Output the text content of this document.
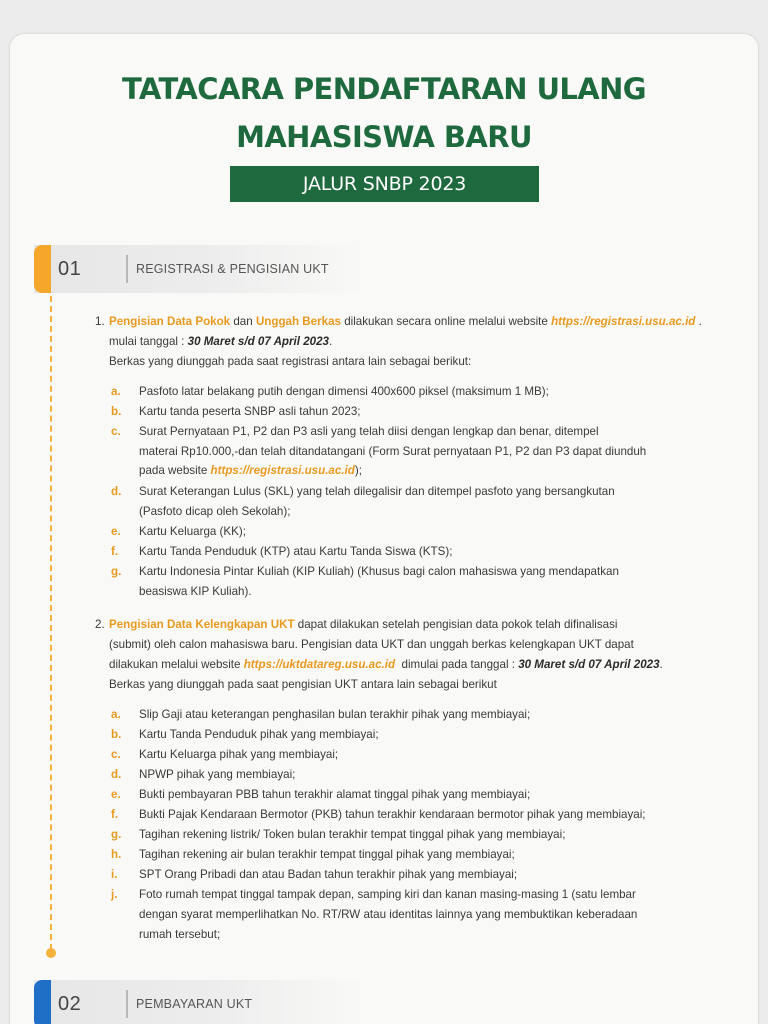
TATACARA PENDAFTARAN ULANG
MAHASISWA BARU
JALUR SNBP 2023
01	REGISTRASI & PENGISIAN UKT
1. Pengisian Data Pokok dan Unggah Berkas dilakukan secara online melalui website https://registrasi.usu.ac.id .
mulai tanggal : 30 Maret s/d 07 April 2023.
Berkas yang diunggah pada saat registrasi antara lain sebagai berikut:
a. Pasfoto latar belakang putih dengan dimensi 400x600 piksel (maksimum 1 MB);
b. Kartu tanda peserta SNBP asli tahun 2023;
c. Surat Pernyataan P1, P2 dan P3 asli yang telah diisi dengan lengkap dan benar, ditempel
materai Rp10.000,-dan telah ditandatangani (Form Surat pernyataan P1, P2 dan P3 dapat diunduh
pada website https://registrasi.usu.ac.id);
d. Surat Keterangan Lulus (SKL) yang telah dilegalisir dan ditempel pasfoto yang bersangkutan
(Pasfoto dicap oleh Sekolah);
e. Kartu Keluarga (KK);
f. Kartu Tanda Penduduk (KTP) atau Kartu Tanda Siswa (KTS);
g. Kartu Indonesia Pintar Kuliah (KIP Kuliah) (Khusus bagi calon mahasiswa yang mendapatkan
beasiswa KIP Kuliah).
2. Pengisian Data Kelengkapan UKT dapat dilakukan setelah pengisian data pokok telah difinalisasi
(submit) oleh calon mahasiswa baru. Pengisian data UKT dan unggah berkas kelengkapan UKT dapat
dilakukan melalui website https://uktdatareg.usu.ac.id  dimulai pada tanggal : 30 Maret s/d 07 April 2023.
Berkas yang diunggah pada saat pengisian UKT antara lain sebagai berikut
a. Slip Gaji atau keterangan penghasilan bulan terakhir pihak yang membiayai;
b. Kartu Tanda Penduduk pihak yang membiayai;
c. Kartu Keluarga pihak yang membiayai;
d. NPWP pihak yang membiayai;
e. Bukti pembayaran PBB tahun terakhir alamat tinggal pihak yang membiayai;
f. Bukti Pajak Kendaraan Bermotor (PKB) tahun terakhir kendaraan bermotor pihak yang membiayai;
g. Tagihan rekening listrik/ Token bulan terakhir tempat tinggal pihak yang membiayai;
h. Tagihan rekening air bulan terakhir tempat tinggal pihak yang membiayai;
i. SPT Orang Pribadi dan atau Badan tahun terakhir pihak yang membiayai;
j. Foto rumah tempat tinggal tampak depan, samping kiri dan kanan masing-masing 1 (satu lembar
dengan syarat memperlihatkan No. RT/RW atau identitas lainnya yang membuktikan keberadaan
rumah tersebut;
02	PEMBAYARAN UKT
